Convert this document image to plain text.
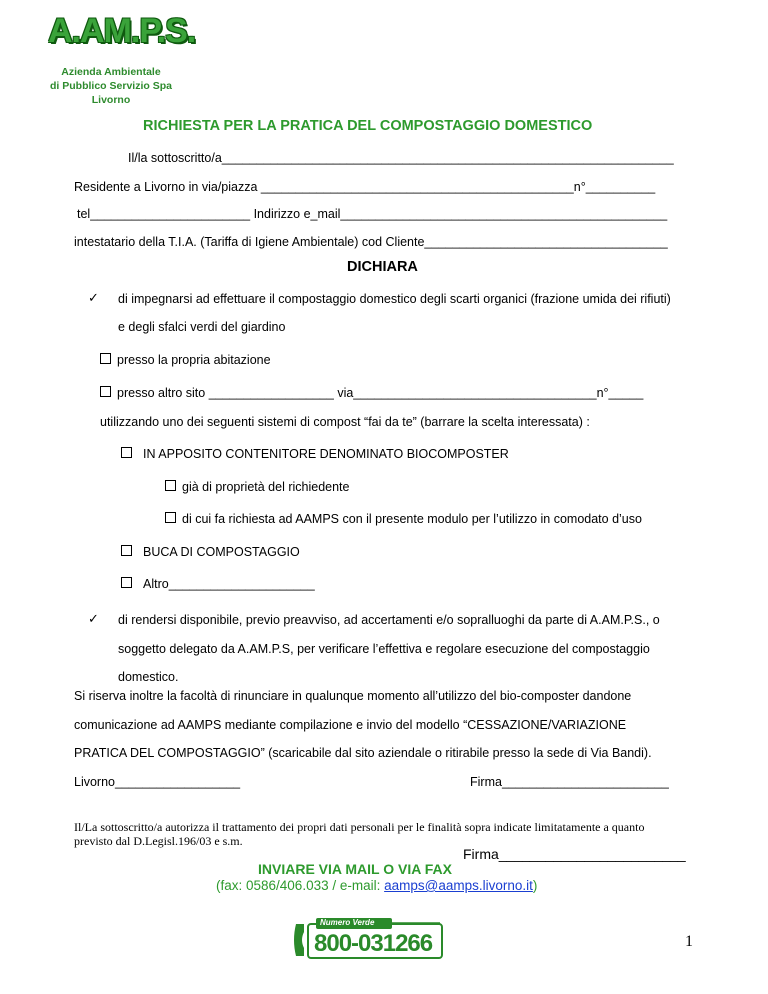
A.AM.P.S.
Azienda Ambientale
di Pubblico Servizio Spa
Livorno
RICHIESTA PER LA PRATICA DEL COMPOSTAGGIO DOMESTICO
Il/la sottoscritto/a_________________________________________________________________
Residente a Livorno in via/piazza _____________________________________________n°__________
tel_______________________ Indirizzo e_mail_______________________________________________
intestatario della T.I.A. (Tariffa di Igiene Ambientale) cod Cliente___________________________________
DICHIARA
✓ di impegnarsi ad effettuare il compostaggio domestico degli scarti organici (frazione umida dei rifiuti)
e degli sfalci verdi del giardino
presso la propria abitazione
presso altro sito __________________ via___________________________________n°_____
utilizzando uno dei seguenti sistemi di compost “fai da te” (barrare la scelta interessata) :
IN APPOSITO CONTENITORE DENOMINATO BIOCOMPOSTER
già di proprietà del richiedente
di cui fa richiesta ad AAMPS con il presente modulo per l’utilizzo in comodato d’uso
BUCA DI COMPOSTAGGIO
Altro_____________________
✓ di rendersi disponibile, previo preavviso, ad accertamenti e/o sopralluoghi da parte di A.AM.P.S., o
soggetto delegato da A.AM.P.S, per verificare l’effettiva e regolare esecuzione del compostaggio
domestico.
Si riserva inoltre la facoltà di rinunciare in qualunque momento all’utilizzo del bio-composter dandone
comunicazione ad AAMPS mediante compilazione e invio del modello “CESSAZIONE/VARIAZIONE
PRATICA DEL COMPOSTAGGIO” (scaricabile dal sito aziendale o ritirabile presso la sede di Via Bandi).
Livorno__________________	Firma________________________
Il/La sottoscritto/a autorizza il trattamento dei propri dati personali per le finalità sopra indicate limitatamente a quanto
previsto dal D.Legisl.196/03 e s.m.
Firma________________________
INVIARE VIA MAIL O VIA FAX
(fax: 0586/406.033 / e-mail: aamps@aamps.livorno.it)
Numero Verde
800-031266	1
